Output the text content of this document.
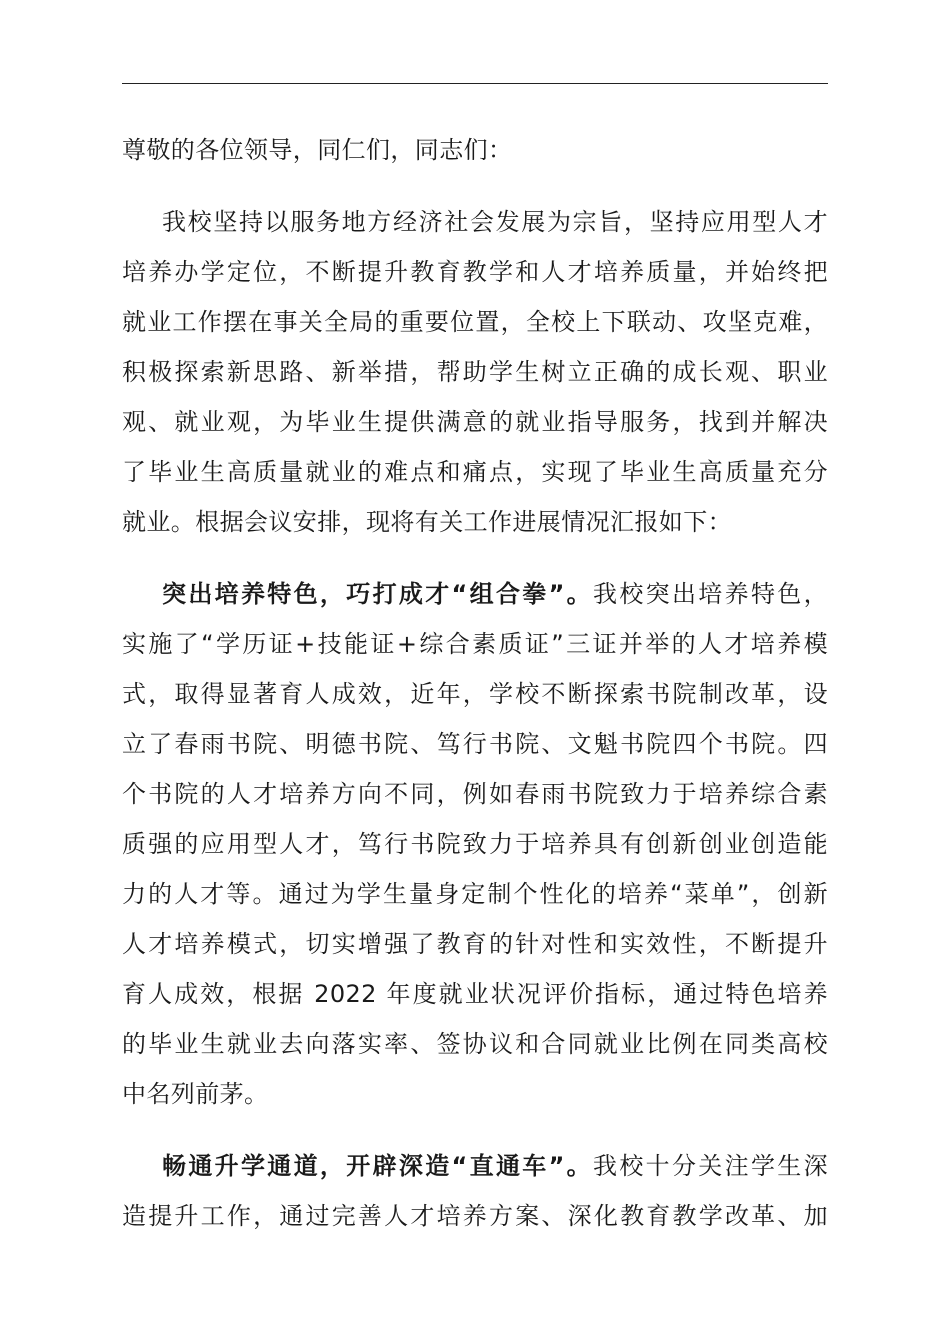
尊敬的各位领导，同仁们，同志们：
我校坚持以服务地方经济社会发展为宗旨，坚持应用型人才
培养办学定位，不断提升教育教学和人才培养质量，并始终把
就业工作摆在事关全局的重要位置，全校上下联动、攻坚克难，
积极探索新思路、新举措，帮助学生树立正确的成长观、职业
观、就业观，为毕业生提供满意的就业指导服务，找到并解决
了毕业生高质量就业的难点和痛点，实现了毕业生高质量充分
就业。根据会议安排，现将有关工作进展情况汇报如下：
突出培养特色，巧打成才“组合拳”。我校突出培养特色，
实施了“学历证+技能证+综合素质证”三证并举的人才培养模
式，取得显著育人成效，近年，学校不断探索书院制改革，设
立了春雨书院、明德书院、笃行书院、文魁书院四个书院。四
个书院的人才培养方向不同，例如春雨书院致力于培养综合素
质强的应用型人才，笃行书院致力于培养具有创新创业创造能
力的人才等。通过为学生量身定制个性化的培养“菜单”，创新
人才培养模式，切实增强了教育的针对性和实效性，不断提升
育人成效，根据 2022 年度就业状况评价指标，通过特色培养
的毕业生就业去向落实率、签协议和合同就业比例在同类高校
中名列前茅。
畅通升学通道，开辟深造“直通车”。我校十分关注学生深
造提升工作，通过完善人才培养方案、深化教育教学改革、加
